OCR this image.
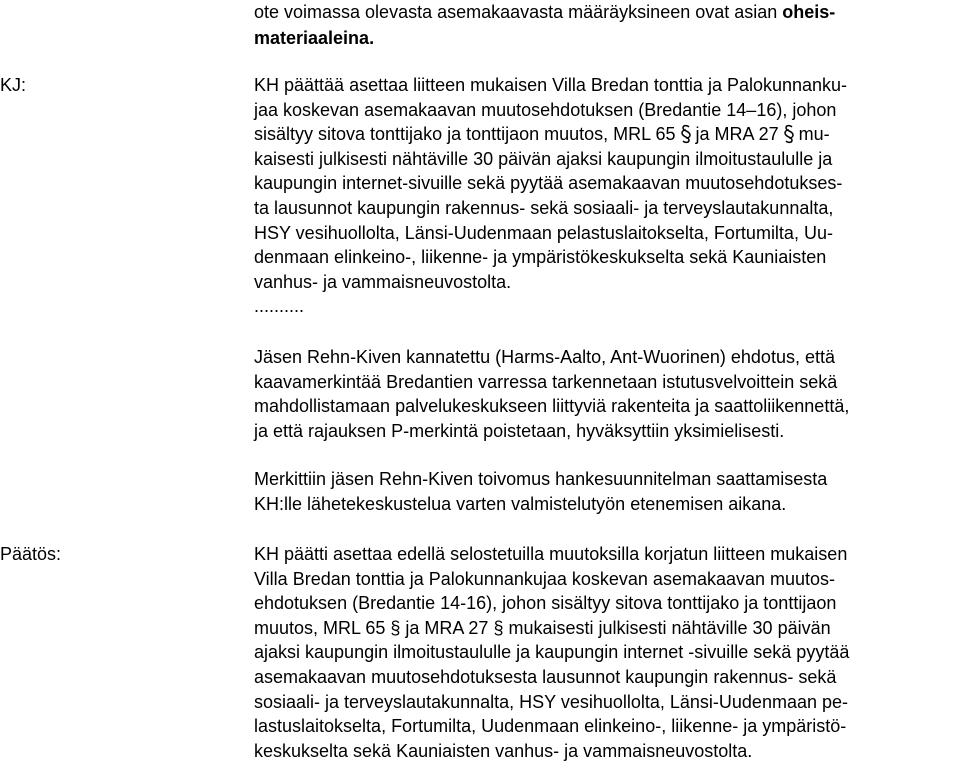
ote voimassa olevasta asemakaavasta määräyksineen ovat asian oheis-
materiaaleina.
KJ:	KH päättää asettaa liitteen mukaisen Villa Bredan tonttia ja Palokunnanku-
jaa koskevan asemakaavan muutosehdotuksen (Bredantie 14–16), johon
sisältyy sitova tonttijako ja tonttijaon muutos, MRL 65 ja MRA 27 mu-
kaisesti julkisesti nähtäville 30 päivän ajaksi kaupungin ilmoitustaululle ja
kaupungin internet-sivuille sekä pyytää asemakaavan muutosehdotukses-
ta lausunnot kaupungin rakennus- sekä sosiaali- ja terveyslautakunnalta,
HSY vesihuollolta, Länsi-Uudenmaan pelastuslaitokselta, Fortumilta, Uu-
denmaan elinkeino-, liikenne- ja ympäristökeskukselta sekä Kauniaisten
vanhus- ja vammaisneuvostolta.
..........
Jäsen Rehn-Kiven kannatettu (Harms-Aalto, Ant-Wuorinen) ehdotus, että
kaavamerkintää Bredantien varressa tarkennetaan istutusvelvoittein sekä
mahdollistamaan palvelukeskukseen liittyviä rakenteita ja saattoliikennettä,
ja että rajauksen P-merkintä poistetaan, hyväksyttiin yksimielisesti.
Merkittiin jäsen Rehn-Kiven toivomus hankesuunnitelman saattamisesta
KH:lle lähetekeskustelua varten valmistelutyön etenemisen aikana.
Päätös:	KH päätti asettaa edellä selostetuilla muutoksilla korjatun liitteen mukaisen
Villa Bredan tonttia ja Palokunnankujaa koskevan asemakaavan muutos-
ehdotuksen (Bredantie 14-16), johon sisältyy sitova tonttijako ja tonttijaon
muutos, MRL 65 § ja MRA 27 § mukaisesti julkisesti nähtäville 30 päivän
ajaksi kaupungin ilmoitustaululle ja kaupungin internet -sivuille sekä pyytää
asemakaavan muutosehdotuksesta lausunnot kaupungin rakennus- sekä
sosiaali- ja terveyslautakunnalta, HSY vesihuollolta, Länsi-Uudenmaan pe-
lastuslaitokselta, Fortumilta, Uudenmaan elinkeino-, liikenne- ja ympäristö-
keskukselta sekä Kauniaisten vanhus- ja vammaisneuvostolta.
